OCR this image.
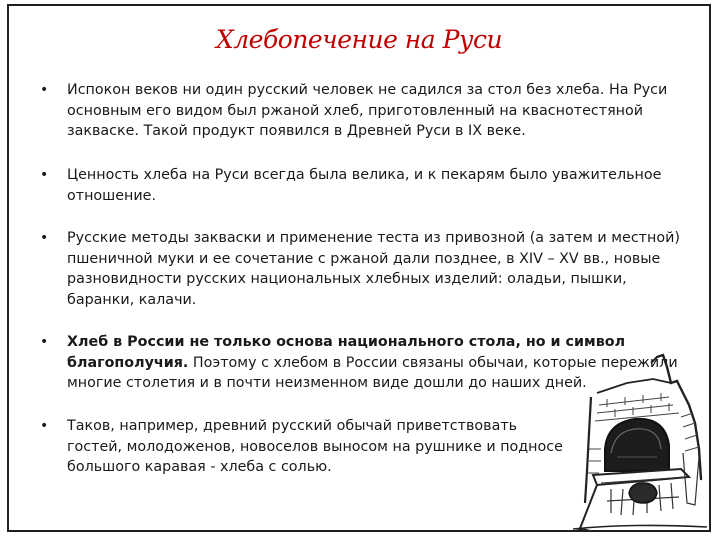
Хлебопечение на Руси
• Испокон веков ни один русский человек не садился за стол без хлеба. На Руси основным его видом был ржаной хлеб, приготовленный на кваснотестяной закваске. Такой продукт появился в Древней Руси в IX веке.
• Ценность хлеба на Руси всегда была велика, и к пекарям было уважительное отношение.
• Русские методы закваски и применение теста из привозной (а затем и местной) пшеничной муки и ее сочетание с ржаной дали позднее, в XIV – XV вв., новые разновидности русских национальных хлебных изделий: оладьи, пышки, баранки, калачи.
• Хлеб в России не только основа национального стола, но и символ благополучия. Поэтому с хлебом в России связаны обычаи, которые пережили многие столетия и в почти неизменном виде дошли до наших дней.
• Таков, например, древний русский обычай приветствовать гостей, молодоженов, новоселов выносом на рушнике и подносе большого каравая - хлеба с солью.
